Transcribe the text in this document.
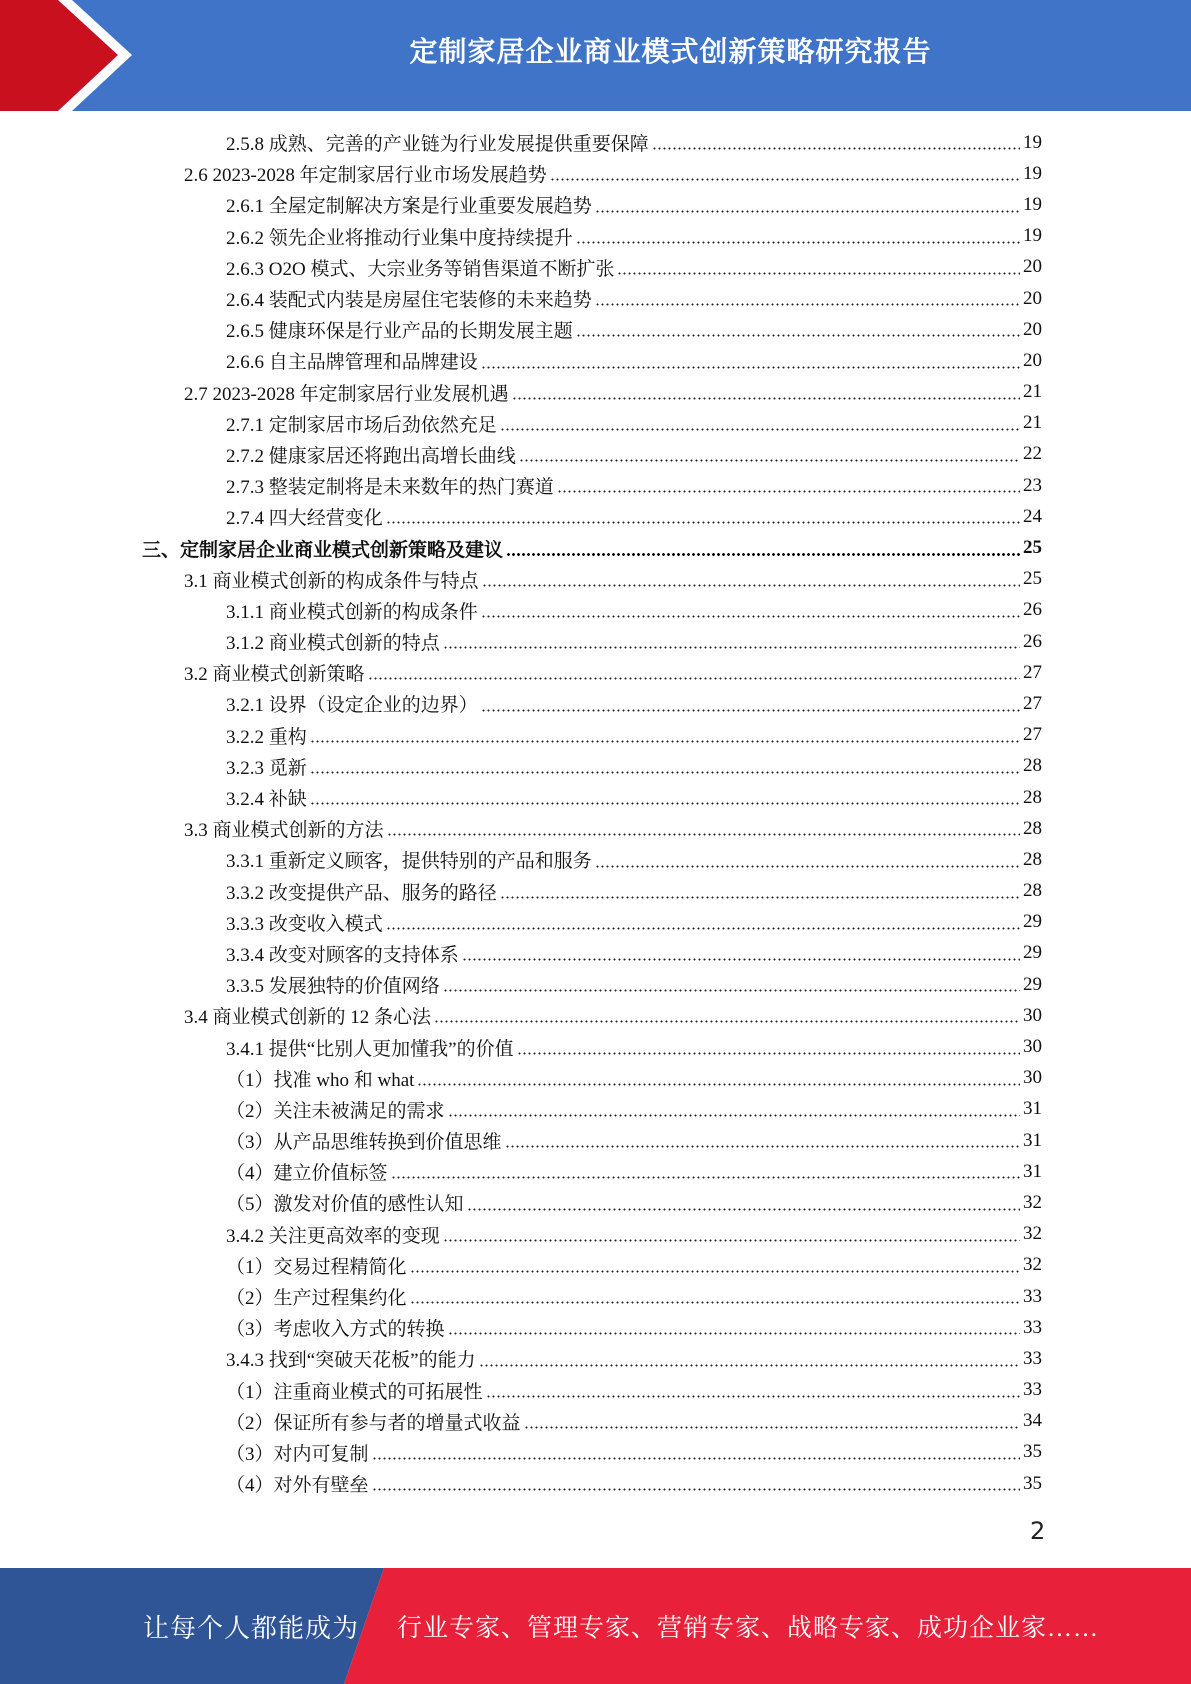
定制家居企业商业模式创新策略研究报告
2.5.8 成熟、完善的产业链为行业发展提供重要保障	19
2.6 2023-2028 年定制家居行业市场发展趋势	19
2.6.1 全屋定制解决方案是行业重要发展趋势	19
2.6.2 领先企业将推动行业集中度持续提升	19
2.6.3 O2O 模式、大宗业务等销售渠道不断扩张	20
2.6.4 装配式内装是房屋住宅装修的未来趋势	20
2.6.5 健康环保是行业产品的长期发展主题	20
2.6.6 自主品牌管理和品牌建设	20
2.7 2023-2028 年定制家居行业发展机遇	21
2.7.1 定制家居市场后劲依然充足	21
2.7.2 健康家居还将跑出高增长曲线	22
2.7.3 整装定制将是未来数年的热门赛道	23
2.7.4 四大经营变化	24
三、定制家居企业商业模式创新策略及建议	25
3.1 商业模式创新的构成条件与特点	25
3.1.1 商业模式创新的构成条件	26
3.1.2 商业模式创新的特点	26
3.2 商业模式创新策略	27
3.2.1 设界（设定企业的边界）	27
3.2.2 重构	27
3.2.3 觅新	28
3.2.4 补缺	28
3.3 商业模式创新的方法	28
3.3.1 重新定义顾客，提供特别的产品和服务	28
3.3.2 改变提供产品、服务的路径	28
3.3.3 改变收入模式	29
3.3.4 改变对顾客的支持体系	29
3.3.5 发展独特的价值网络	29
3.4 商业模式创新的 12 条心法	30
3.4.1 提供“比别人更加懂我”的价值	30
（1）找准 who 和 what	30
（2）关注未被满足的需求	31
（3）从产品思维转换到价值思维	31
（4）建立价值标签	31
（5）激发对价值的感性认知	32
3.4.2 关注更高效率的变现	32
（1）交易过程精简化	32
（2）生产过程集约化	33
（3）考虑收入方式的转换	33
3.4.3 找到“突破天花板”的能力	33
（1）注重商业模式的可拓展性	33
（2）保证所有参与者的增量式收益	34
（3）对内可复制	35
（4）对外有壁垒	35
2
让每个人都能成为 行业专家、管理专家、营销专家、战略专家、成功企业家……
